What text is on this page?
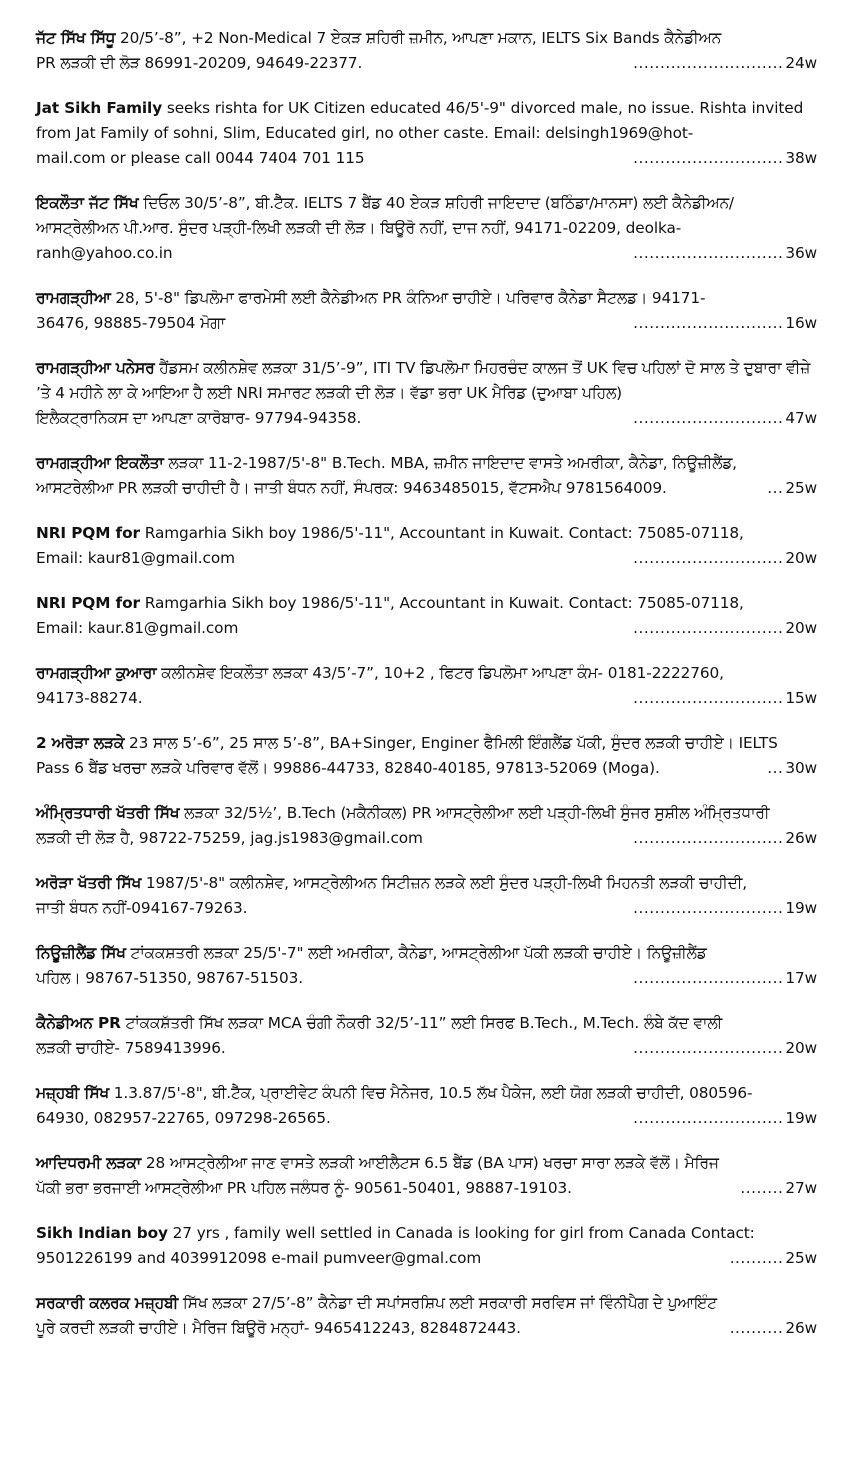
ਜੱਟ ਸਿੱਖ ਸਿੱਧੂ 20/5’-8”, +2 Non-Medical 7 ਏਕੜ ਸ਼ਹਿਰੀ ਜ਼ਮੀਨ, ਆਪਣਾ ਮਕਾਨ, IELTS Six Bands ਕੈਨੇਡੀਅਨ
PR ਲੜਕੀ ਦੀ ਲੋੜ 86991-20209, 94649-22377.	............................ 24w
Jat Sikh Family seeks rishta for UK Citizen educated 46/5'-9" divorced male, no issue. Rishta invited from Jat Family of sohni, Slim, Educated girl, no other caste. Email: delsingh1969@hot-
mail.com or please call 0044 7404 701 115	............................ 38w
ਇਕਲੌਤਾ ਜੱਟ ਸਿੱਖ ਦਿਓਲ 30/5’-8”, ਬੀ.ਟੈੱਕ. IELTS 7 ਬੈਂਡ 40 ਏਕੜ ਸ਼ਹਿਰੀ ਜਾਇਦਾਦ (ਬਠਿੰਡਾ/ਮਾਨਸਾ) ਲਈ ਕੈਨੇਡੀਅਨ/ਆਸਟ੍ਰੇਲੀਅਨ ਪੀ.ਆਰ. ਸੁੰਦਰ ਪੜ੍ਹੀ-ਲਿਖੀ ਲੜਕੀ ਦੀ ਲੋੜ। ਬਿਊਰੋ ਨਹੀਂ, ਦਾਜ ਨਹੀਂ, 94171-02209, deolka-
ranh@yahoo.co.in	............................ 36w
ਰਾਮਗੜ੍ਹੀਆ 28, 5'-8" ਡਿਪਲੋਮਾ ਫਾਰਮੇਸੀ ਲਈ ਕੈਨੇਡੀਅਨ PR ਕੰਨਿਆ ਚਾਹੀਏ। ਪਰਿਵਾਰ ਕੈਨੇਡਾ ਸੈਟਲਡ। 94171-
36476, 98885-79504 ਮੋਗਾ	............................ 16w
ਰਾਮਗੜ੍ਹੀਆ ਪਨੇਸਰ ਹੈਂਡਸਮ ਕਲੀਨਸ਼ੇਵ ਲੜਕਾ 31/5’-9”, ITI TV ਡਿਪਲੋਮਾ ਮਿਹਰਚੰਦ ਕਾਲਜ ਤੋਂ UK ਵਿਚ ਪਹਿਲਾਂ ਦੋ ਸਾਲ ਤੇ ਦੁਬਾਰਾ ਵੀਜ਼ੇ ’ਤੇ 4 ਮਹੀਨੇ ਲਾ ਕੇ ਆਇਆ ਹੈ ਲਈ NRI ਸਮਾਰਟ ਲੜਕੀ ਦੀ ਲੋੜ। ਵੱਡਾ ਭਰਾ UK ਮੈਰਿਡ (ਦੁਆਬਾ ਪਹਿਲ)
ਇਲੈਕਟ੍ਰਾਨਿਕਸ ਦਾ ਆਪਣਾ ਕਾਰੋਬਾਰ- 97794-94358.	............................ 47w
ਰਾਮਗੜ੍ਹੀਆ ਇਕਲੌਤਾ ਲੜਕਾ 11-2-1987/5'-8" B.Tech. MBA, ਜ਼ਮੀਨ ਜਾਇਦਾਦ ਵਾਸਤੇ ਅਮਰੀਕਾ, ਕੈਨੇਡਾ, ਨਿਊਜ਼ੀਲੈਂਡ,
ਆਸਟਰੇਲੀਆ PR ਲੜਕੀ ਚਾਹੀਦੀ ਹੈ। ਜਾਤੀ ਬੰਧਨ ਨਹੀਂ, ਸੰਪਰਕ: 9463485015, ਵੱਟਸਐਪ 9781564009.	... 25w
NRI PQM for Ramgarhia Sikh boy 1986/5'-11", Accountant in Kuwait. Contact: 75085-07118,
Email: kaur81@gmail.com	............................ 20w
NRI PQM for Ramgarhia Sikh boy 1986/5'-11", Accountant in Kuwait. Contact: 75085-07118,
Email: kaur.81@gmail.com	............................ 20w
ਰਾਮਗੜ੍ਹੀਆ ਕੁਆਰਾ ਕਲੀਨਸ਼ੇਵ ਇਕਲੌਤਾ ਲੜਕਾ 43/5’-7”, 10+2 , ਫਿਟਰ ਡਿਪਲੋਮਾ ਆਪਣਾ ਕੰਮ- 0181-2222760,
94173-88274.	............................ 15w
2 ਅਰੋੜਾ ਲੜਕੇ 23 ਸਾਲ 5’-6”, 25 ਸਾਲ 5’-8”, BA+Singer, Enginer ਫੈਮਿਲੀ ਇੰਗਲੈਂਡ ਪੱਕੀ, ਸੁੰਦਰ ਲੜਕੀ ਚਾਹੀਏ। IELTS
Pass 6 ਬੈਂਡ ਖਰਚਾ ਲੜਕੇ ਪਰਿਵਾਰ ਵੱਲੋਂ। 99886-44733, 82840-40185, 97813-52069 (Moga).	... 30w
ਅੰਮ੍ਰਿਤਧਾਰੀ ਖੱਤਰੀ ਸਿੱਖ ਲੜਕਾ 32/5½’, B.Tech (ਮਕੈਨੀਕਲ) PR ਆਸਟ੍ਰੇਲੀਆ ਲਈ ਪੜ੍ਹੀ-ਲਿਖੀ ਸੁੰਜਰ ਸੁਸ਼ੀਲ ਅੰਮ੍ਰਿਤਧਾਰੀ
ਲੜਕੀ ਦੀ ਲੋੜ ਹੈ, 98722-75259, jag.js1983@gmail.com	............................ 26w
ਅਰੋੜਾ ਖੱਤਰੀ ਸਿੱਖ 1987/5'-8" ਕਲੀਨਸ਼ੇਵ, ਆਸਟ੍ਰੇਲੀਅਨ ਸਿਟੀਜ਼ਨ ਲੜਕੇ ਲਈ ਸੁੰਦਰ ਪੜ੍ਹੀ-ਲਿਖੀ ਮਿਹਨਤੀ ਲੜਕੀ ਚਾਹੀਦੀ,
ਜਾਤੀ ਬੰਧਨ ਨਹੀਂ-094167-79263.	............................ 19w
ਨਿਊਜ਼ੀਲੈਂਡ ਸਿੱਖ ਟਾਂਕਕਸ਼ਤਰੀ ਲੜਕਾ 25/5'-7" ਲਈ ਅਮਰੀਕਾ, ਕੈਨੇਡਾ, ਆਸਟ੍ਰੇਲੀਆ ਪੱਕੀ ਲੜਕੀ ਚਾਹੀਏ। ਨਿਊਜ਼ੀਲੈਂਡ
ਪਹਿਲ। 98767-51350, 98767-51503.	............................ 17w
ਕੈਨੇਡੀਅਨ PR ਟਾਂਕਕਸ਼ੱਤਰੀ ਸਿੱਖ ਲੜਕਾ MCA ਚੰਗੀ ਨੌਕਰੀ 32/5’-11” ਲਈ ਸਿਰਫ B.Tech., M.Tech. ਲੰਬੇ ਕੱਦ ਵਾਲੀ
ਲੜਕੀ ਚਾਹੀਏ- 7589413996.	............................ 20w
ਮਜ਼੍ਹਬੀ ਸਿੱਖ 1.3.87/5'-8", ਬੀ.ਟੈੱਕ, ਪ੍ਰਾਈਵੇਟ ਕੰਪਨੀ ਵਿਚ ਮੈਨੇਜਰ, 10.5 ਲੱਖ ਪੈਕੇਜ, ਲਈ ਯੋਗ ਲੜਕੀ ਚਾਹੀਦੀ, 080596-
64930, 082957-22765, 097298-26565.	............................ 19w
ਆਦਿਧਰਮੀ ਲੜਕਾ 28 ਆਸਟ੍ਰੇਲੀਆ ਜਾਣ ਵਾਸਤੇ ਲੜਕੀ ਆਈਲੈਟਸ 6.5 ਬੈਂਡ (BA ਪਾਸ) ਖਰਚਾ ਸਾਰਾ ਲੜਕੇ ਵੱਲੋਂ। ਮੈਰਿਜ
ਪੱਕੀ ਭਰਾ ਭਰਜਾਈ ਆਸਟ੍ਰੇਲੀਆ PR ਪਹਿਲ ਜਲੰਧਰ ਨੂੰ- 90561-50401, 98887-19103.	........ 27w
Sikh Indian boy 27 yrs , family well settled in Canada is looking for girl from Canada Contact:
9501226199 and 4039912098 e-mail pumveer@gmal.com	.......... 25w
ਸਰਕਾਰੀ ਕਲਰਕ ਮਜ਼੍ਹਬੀ ਸਿੱਖ ਲੜਕਾ 27/5’-8” ਕੈਨੇਡਾ ਦੀ ਸਪਾਂਸਰਸ਼ਿਪ ਲਈ ਸਰਕਾਰੀ ਸਰਵਿਸ ਜਾਂ ਵਿੰਨੀਪੈਗ ਦੇ ਪੁਆਇੰਟ
ਪੂਰੇ ਕਰਦੀ ਲੜਕੀ ਚਾਹੀਏ। ਮੈਰਿਜ ਬਿਊਰੋ ਮਨ੍ਹਾਂ- 9465412243, 8284872443.	.......... 26w
